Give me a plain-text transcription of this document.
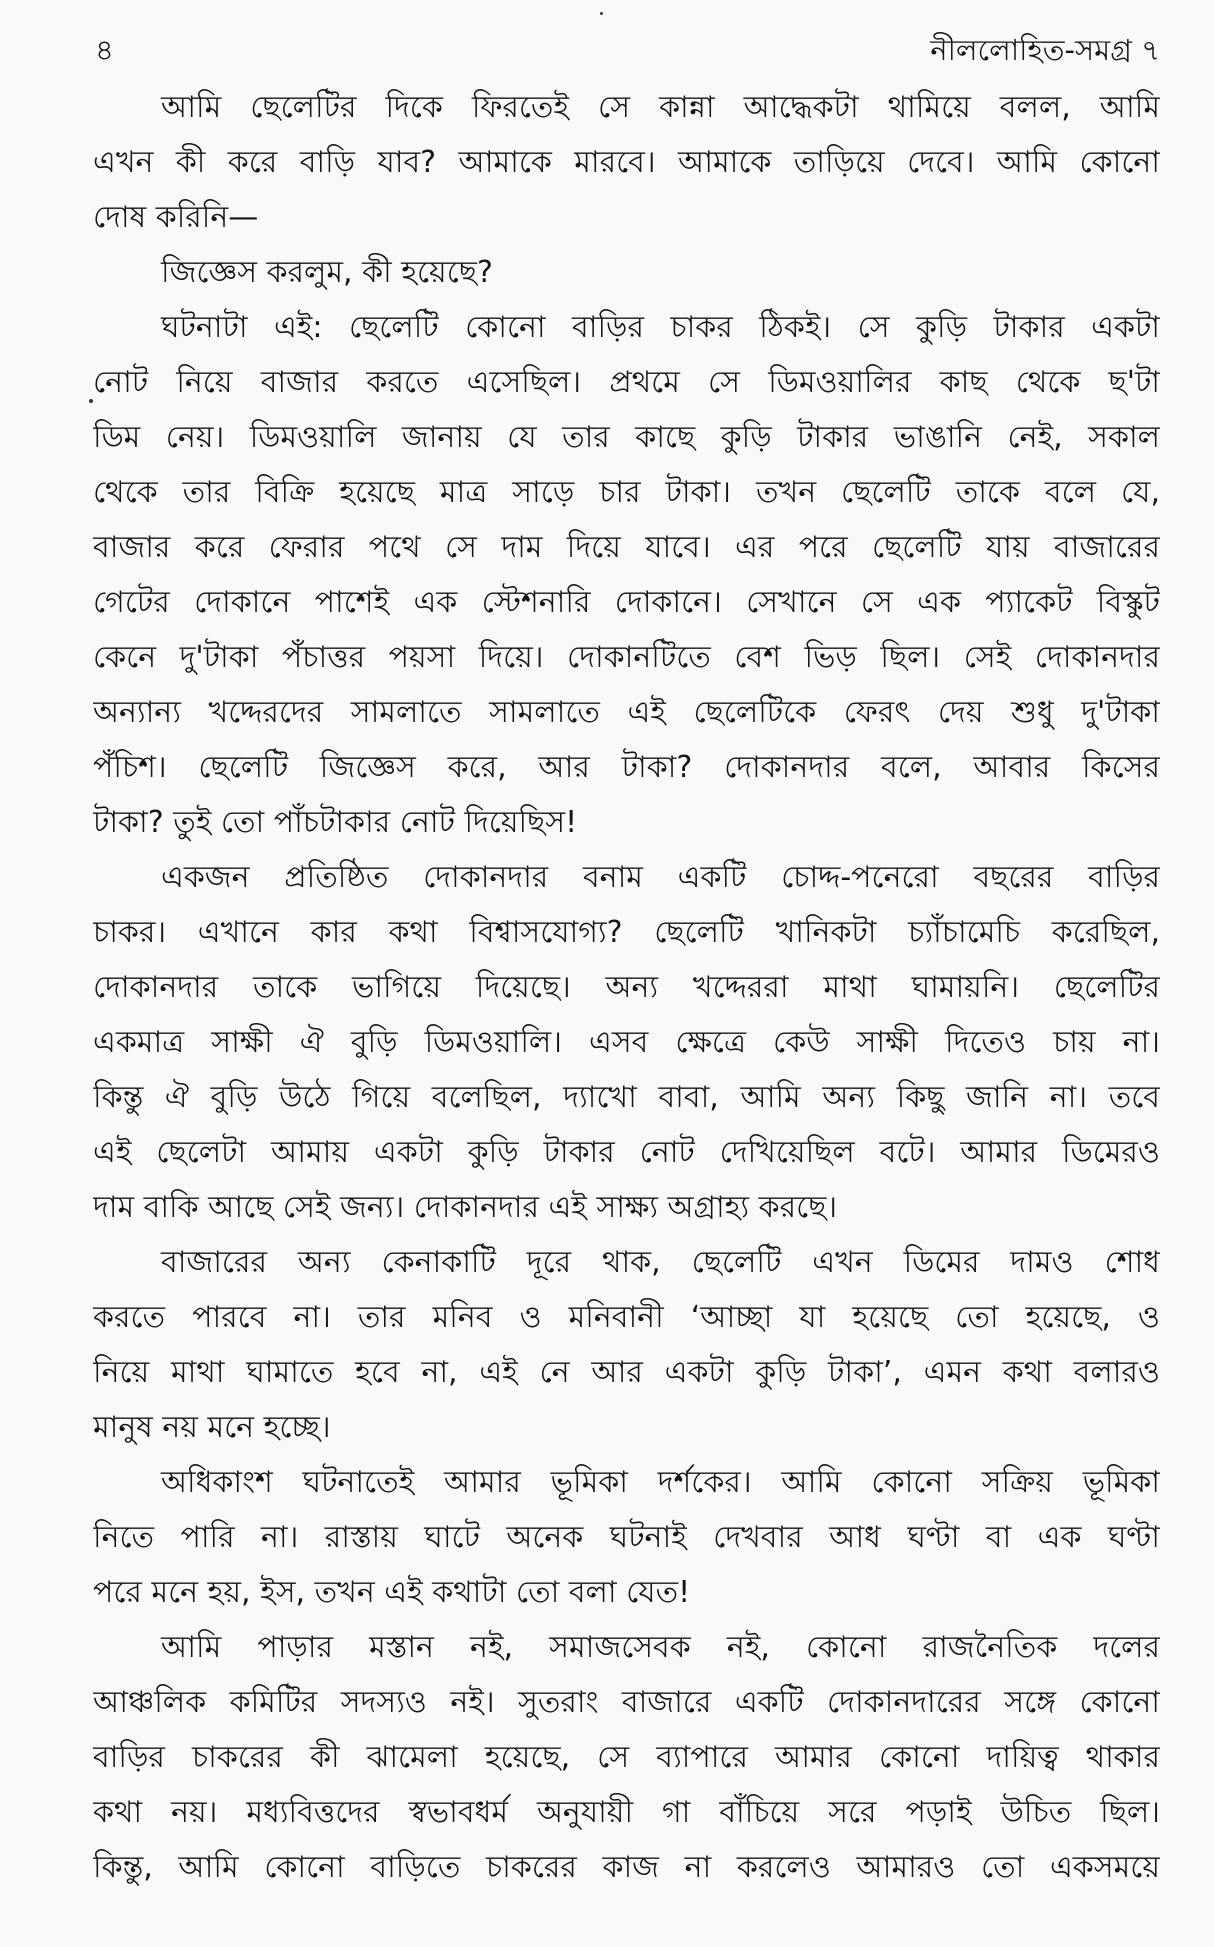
৪	নীললোহিত-সমগ্র ৭
আমি ছেলেটির দিকে ফিরতেই সে কান্না আদ্ধেকটা থামিয়ে বলল, আমি
এখন কী করে বাড়ি যাব? আমাকে মারবে। আমাকে তাড়িয়ে দেবে। আমি কোনো
দোষ করিনি—
জিজ্ঞেস করলুম, কী হয়েছে?
ঘটনাটা এই: ছেলেটি কোনো বাড়ির চাকর ঠিকই। সে কুড়ি টাকার একটা
নোট নিয়ে বাজার করতে এসেছিল। প্রথমে সে ডিমওয়ালির কাছ থেকে ছ'টা
ডিম নেয়। ডিমওয়ালি জানায় যে তার কাছে কুড়ি টাকার ভাঙানি নেই, সকাল
থেকে তার বিক্রি হয়েছে মাত্র সাড়ে চার টাকা। তখন ছেলেটি তাকে বলে যে,
বাজার করে ফেরার পথে সে দাম দিয়ে যাবে। এর পরে ছেলেটি যায় বাজারের
গেটের দোকানে পাশেই এক স্টেশনারি দোকানে। সেখানে সে এক প্যাকেট বিস্কুট
কেনে দু'টাকা পঁচাত্তর পয়সা দিয়ে। দোকানটিতে বেশ ভিড় ছিল। সেই দোকানদার
অন্যান্য খদ্দেরদের সামলাতে সামলাতে এই ছেলেটিকে ফেরৎ দেয় শুধু দু'টাকা
পঁচিশ। ছেলেটি জিজ্ঞেস করে, আর টাকা? দোকানদার বলে, আবার কিসের
টাকা? তুই তো পাঁচটাকার নোট দিয়েছিস!
একজন প্রতিষ্ঠিত দোকানদার বনাম একটি চোদ্দ-পনেরো বছরের বাড়ির
চাকর। এখানে কার কথা বিশ্বাসযোগ্য? ছেলেটি খানিকটা চ্যাঁচামেচি করেছিল,
দোকানদার তাকে ভাগিয়ে দিয়েছে। অন্য খদ্দেররা মাথা ঘামায়নি। ছেলেটির
একমাত্র সাক্ষী ঐ বুড়ি ডিমওয়ালি। এসব ক্ষেত্রে কেউ সাক্ষী দিতেও চায় না।
কিন্তু ঐ বুড়ি উঠে গিয়ে বলেছিল, দ্যাখো বাবা, আমি অন্য কিছু জানি না। তবে
এই ছেলেটা আমায় একটা কুড়ি টাকার নোট দেখিয়েছিল বটে। আমার ডিমেরও
দাম বাকি আছে সেই জন্য। দোকানদার এই সাক্ষ্য অগ্রাহ্য করছে।
বাজারের অন্য কেনাকাটি দূরে থাক, ছেলেটি এখন ডিমের দামও শোধ
করতে পারবে না। তার মনিব ও মনিবানী ‘আচ্ছা যা হয়েছে তো হয়েছে, ও
নিয়ে মাথা ঘামাতে হবে না, এই নে আর একটা কুড়ি টাকা’, এমন কথা বলারও
মানুষ নয় মনে হচ্ছে।
অধিকাংশ ঘটনাতেই আমার ভূমিকা দর্শকের। আমি কোনো সক্রিয় ভূমিকা
নিতে পারি না। রাস্তায় ঘাটে অনেক ঘটনাই দেখবার আধ ঘণ্টা বা এক ঘণ্টা
পরে মনে হয়, ইস, তখন এই কথাটা তো বলা যেত!
আমি পাড়ার মস্তান নই, সমাজসেবক নই, কোনো রাজনৈতিক দলের
আঞ্চলিক কমিটির সদস্যও নই। সুতরাং বাজারে একটি দোকানদারের সঙ্গে কোনো
বাড়ির চাকরের কী ঝামেলা হয়েছে, সে ব্যাপারে আমার কোনো দায়িত্ব থাকার
কথা নয়। মধ্যবিত্তদের স্বভাবধর্ম অনুযায়ী গা বাঁচিয়ে সরে পড়াই উচিত ছিল।
কিন্তু, আমি কোনো বাড়িতে চাকরের কাজ না করলেও আমারও তো একসময়ে
